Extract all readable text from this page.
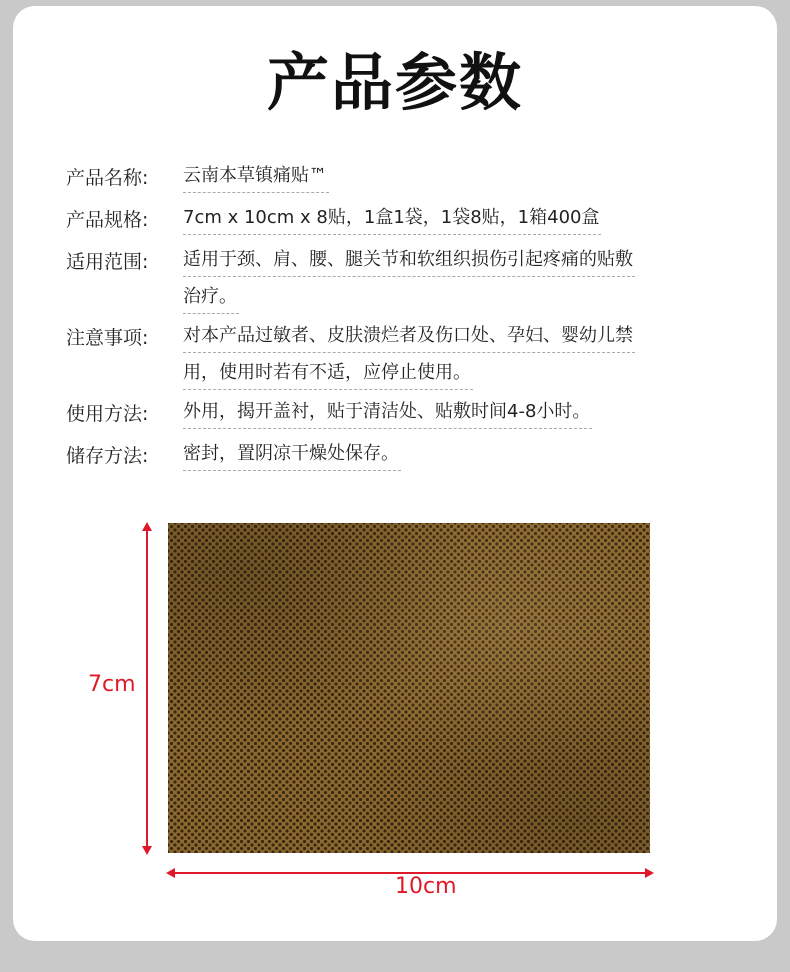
产品参数
产品名称:	云南本草镇痛贴™
产品规格:	7cm x 10cm x 8贴，1盒1袋，1袋8贴，1箱400盒
适用范围:	适用于颈、肩、腰、腿关节和软组织损伤引起疼痛的贴敷
治疗。
注意事项:	对本产品过敏者、皮肤溃烂者及伤口处、孕妇、婴幼儿禁
用，使用时若有不适，应停止使用。
使用方法:	外用，揭开盖衬，贴于清洁处、贴敷时间4-8小时。
储存方法:	密封，置阴凉干燥处保存。
7cm
10cm
